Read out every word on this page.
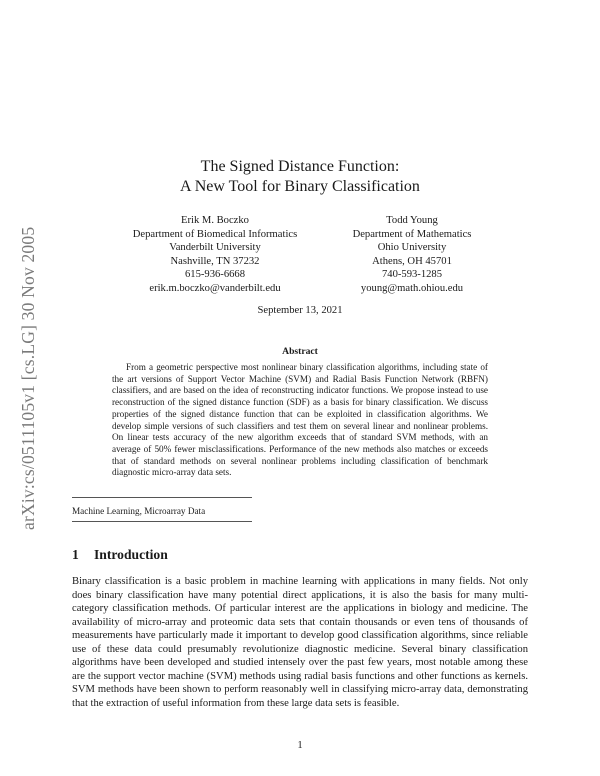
arXiv:cs/0511105v1 [cs.LG] 30 Nov 2005
The Signed Distance Function:
A New Tool for Binary Classification
Erik M. Boczko
Department of Biomedical Informatics
Vanderbilt University
Nashville, TN 37232
615-936-6668
erik.m.boczko@vanderbilt.edu
Todd Young
Department of Mathematics
Ohio University
Athens, OH 45701
740-593-1285
young@math.ohiou.edu
September 13, 2021
Abstract

From a geometric perspective most nonlinear binary classification algorithms, including state of the art versions of Support Vector Machine (SVM) and Radial Basis Function Network (RBFN) classifiers, and are based on the idea of reconstructing indicator functions. We propose instead to use reconstruction of the signed distance function (SDF) as a basis for binary classification. We discuss properties of the signed distance function that can be exploited in classification algorithms. We develop simple versions of such classifiers and test them on several linear and nonlinear problems. On linear tests accuracy of the new algorithm exceeds that of standard SVM methods, with an average of 50% fewer misclassifications. Performance of the new methods also matches or exceeds that of standard methods on several nonlinear problems including classification of benchmark diagnostic micro-array data sets.

Machine Learning, Microarray Data
1 Introduction

Binary classification is a basic problem in machine learning with applications in many fields. Not only does binary classification have many potential direct applications, it is also the basis for many multi-category classification methods. Of particular interest are the applications in biology and medicine. The availability of micro-array and proteomic data sets that contain thousands or even tens of thousands of measurements have particularly made it important to develop good classification algorithms, since reliable use of these data could presumably revolutionize diagnostic medicine. Several binary classification algorithms have been developed and studied intensely over the past few years, most notable among these are the support vector machine (SVM) methods using radial basis functions and other functions as kernels. SVM methods have been shown to perform reasonably well in classifying micro-array data, demonstrating that the extraction of useful information from these large data sets is feasible.

1
